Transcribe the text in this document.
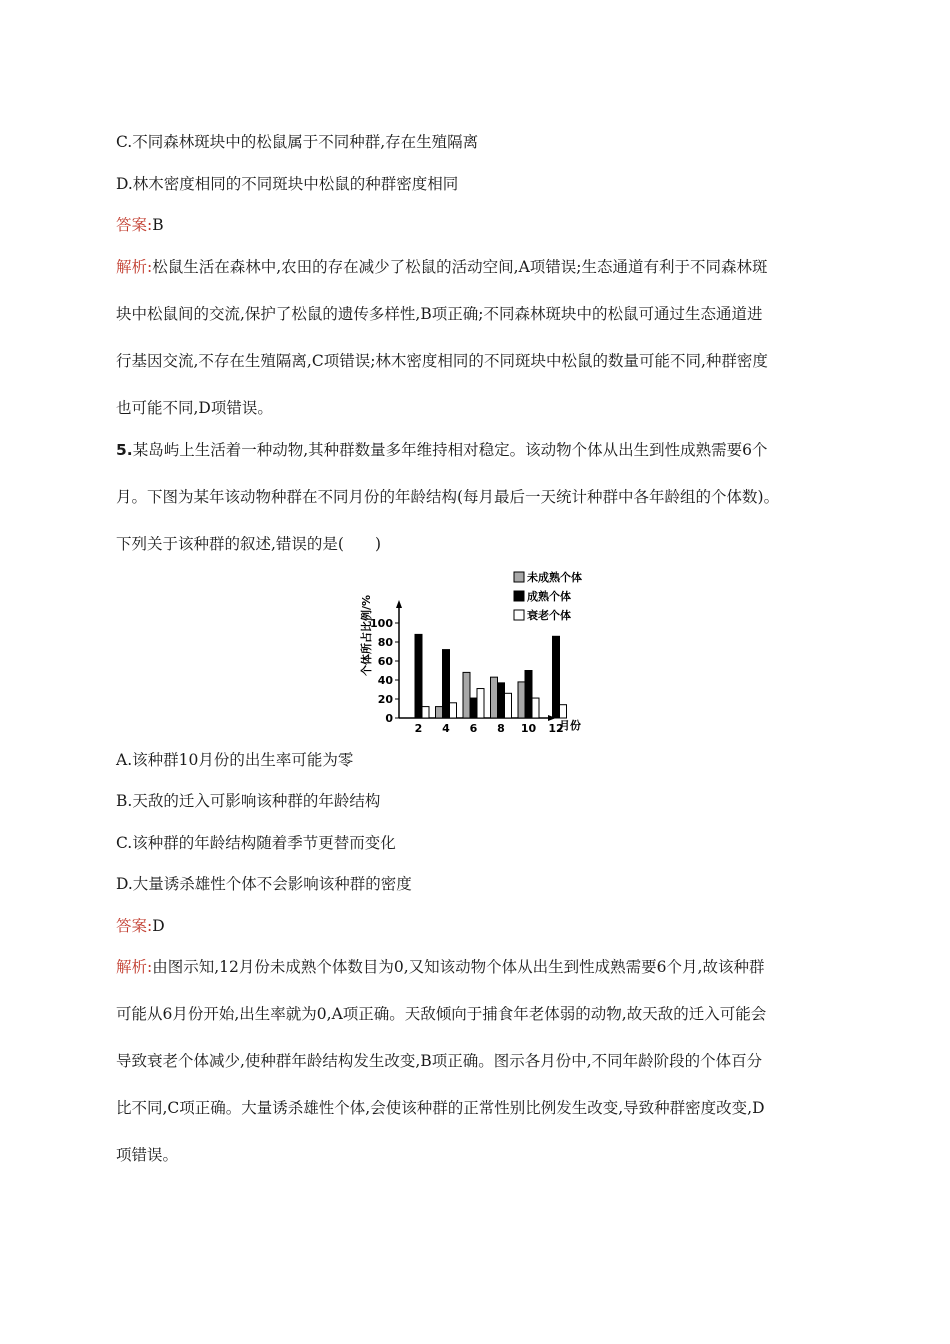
C.不同森林斑块中的松鼠属于不同种群,存在生殖隔离
D.林木密度相同的不同斑块中松鼠的种群密度相同
答案:B
解析:松鼠生活在森林中,农田的存在减少了松鼠的活动空间,A项错误;生态通道有利于不同森林斑
块中松鼠间的交流,保护了松鼠的遗传多样性,B项正确;不同森林斑块中的松鼠可通过生态通道进
行基因交流,不存在生殖隔离,C项错误;林木密度相同的不同斑块中松鼠的数量可能不同,种群密度
也可能不同,D项错误。
5.某岛屿上生活着一种动物,其种群数量多年维持相对稳定。该动物个体从出生到性成熟需要6个
月。下图为某年该动物种群在不同月份的年龄结构(每月最后一天统计种群中各年龄组的个体数)。
下列关于该种群的叙述,错误的是(　　)
未成熟个体
成熟个体
衰老个体
个体所占比例/%
月份
0
20
40
60
80
100
2 4 6 8 10 12
A.该种群10月份的出生率可能为零
B.天敌的迁入可影响该种群的年龄结构
C.该种群的年龄结构随着季节更替而变化
D.大量诱杀雄性个体不会影响该种群的密度
答案:D
解析:由图示知,12月份未成熟个体数目为0,又知该动物个体从出生到性成熟需要6个月,故该种群
可能从6月份开始,出生率就为0,A项正确。天敌倾向于捕食年老体弱的动物,故天敌的迁入可能会
导致衰老个体减少,使种群年龄结构发生改变,B项正确。图示各月份中,不同年龄阶段的个体百分
比不同,C项正确。大量诱杀雄性个体,会使该种群的正常性别比例发生改变,导致种群密度改变,D
项错误。
